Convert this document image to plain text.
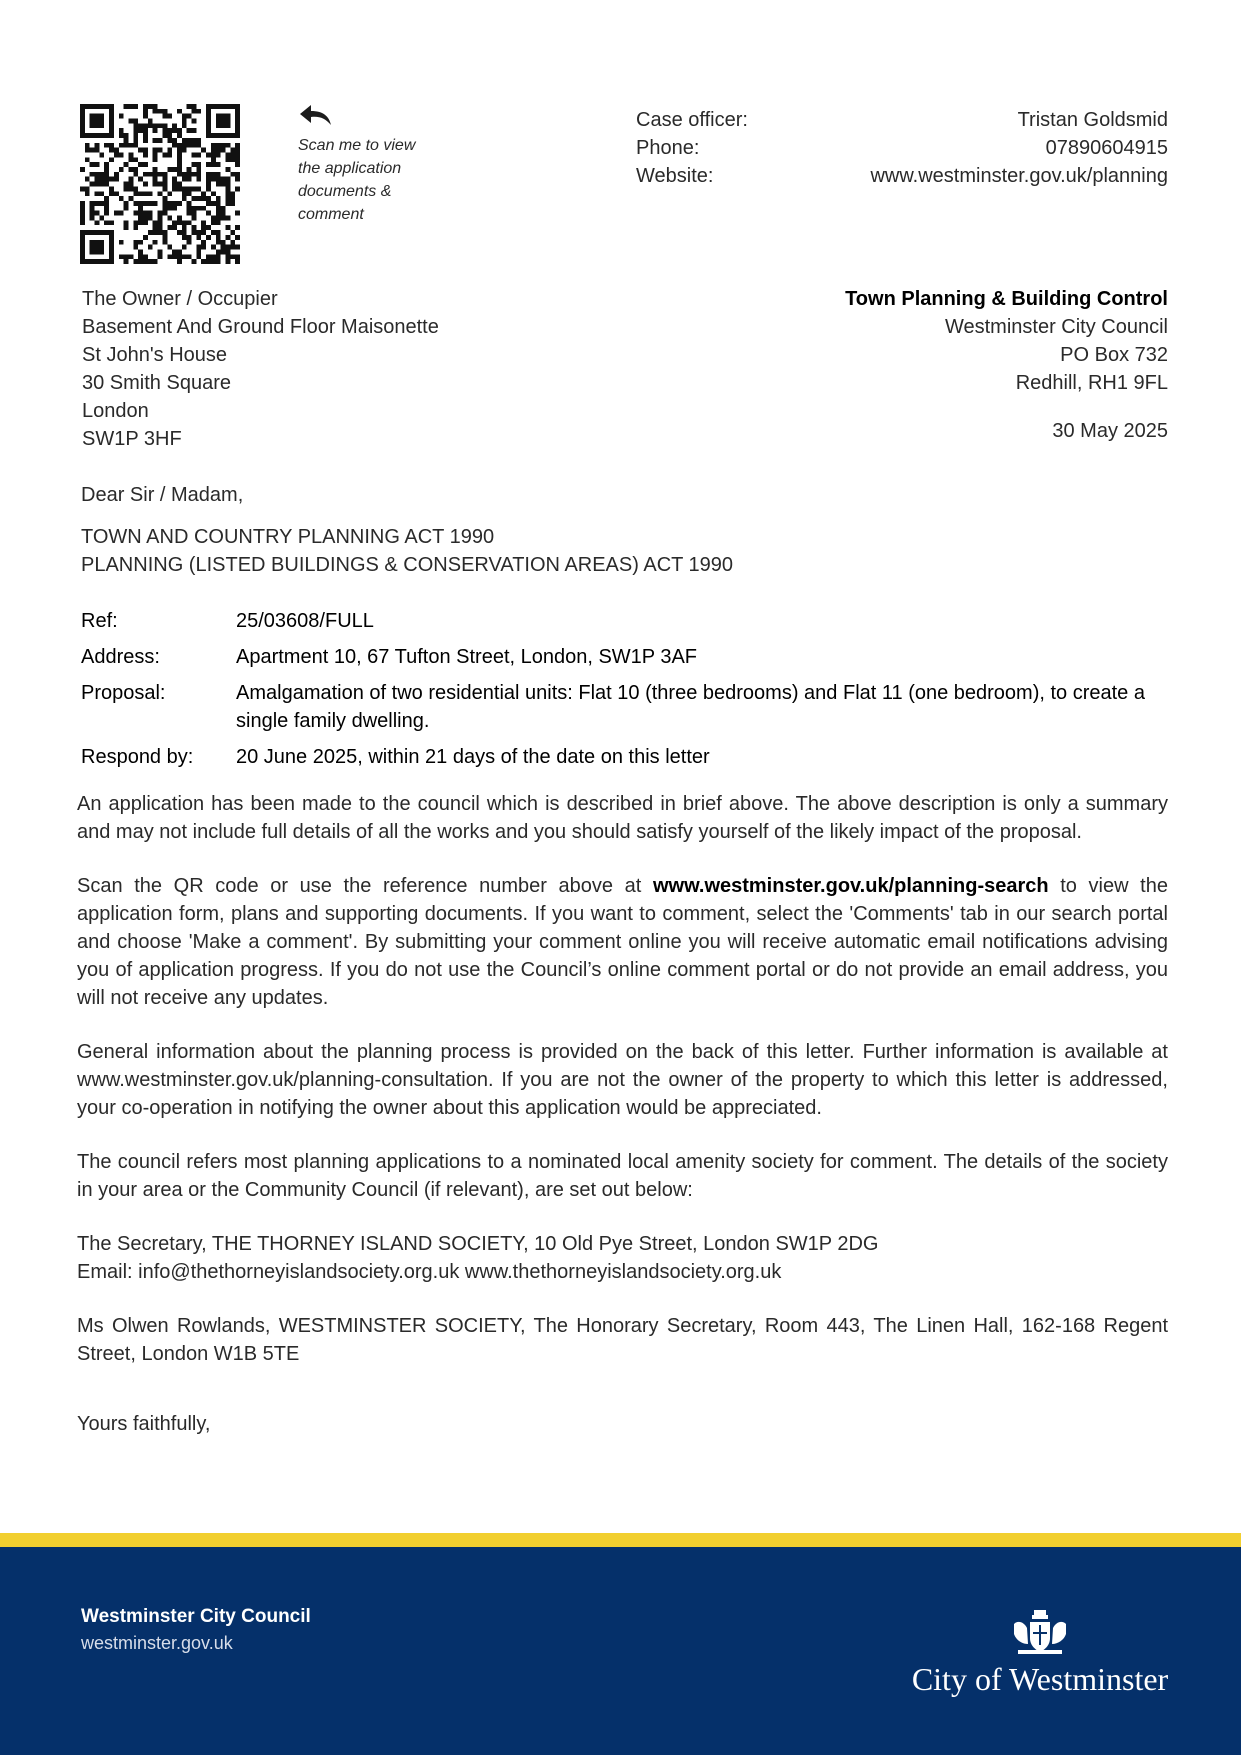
Scan me to view
the application
documents &
comment
Case officer:	Tristan Goldsmid
Phone:	07890604915
Website:	www.westminster.gov.uk/planning
The Owner / Occupier
Basement And Ground Floor Maisonette
St John's House
30 Smith Square
London
SW1P 3HF
Town Planning & Building Control
Westminster City Council
PO Box 732
Redhill, RH1 9FL
30 May 2025
Dear Sir / Madam,
TOWN AND COUNTRY PLANNING ACT 1990
PLANNING (LISTED BUILDINGS & CONSERVATION AREAS) ACT 1990
Ref:	25/03608/FULL
Address:	Apartment 10, 67 Tufton Street, London, SW1P 3AF
Proposal:	Amalgamation of two residential units: Flat 10 (three bedrooms) and Flat 11 (one bedroom), to create a single family dwelling.
Respond by:	20 June 2025, within 21 days of the date on this letter

An application has been made to the council which is described in brief above. The above description is only a summary and may not include full details of all the works and you should satisfy yourself of the likely impact of the proposal.

Scan the QR code or use the reference number above at www.westminster.gov.uk/planning-search to view the application form, plans and supporting documents. If you want to comment, select the 'Comments' tab in our search portal and choose 'Make a comment'. By submitting your comment online you will receive automatic email notifications advising you of application progress. If you do not use the Council’s online comment portal or do not provide an email address, you will not receive any updates.

General information about the planning process is provided on the back of this letter. Further information is available at www.westminster.gov.uk/planning-consultation. If you are not the owner of the property to which this letter is addressed, your co-operation in notifying the owner about this application would be appreciated.

The council refers most planning applications to a nominated local amenity society for comment. The details of the society in your area or the Community Council (if relevant), are set out below:

The Secretary, THE THORNEY ISLAND SOCIETY, 10 Old Pye Street, London SW1P 2DG
Email: info@thethorneyislandsociety.org.uk www.thethorneyislandsociety.org.uk

Ms Olwen Rowlands, WESTMINSTER SOCIETY, The Honorary Secretary, Room 443, The Linen Hall, 162-168 Regent Street, London W1B 5TE

Yours faithfully,

Westminster City Council
westminster.gov.uk
City of Westminster
